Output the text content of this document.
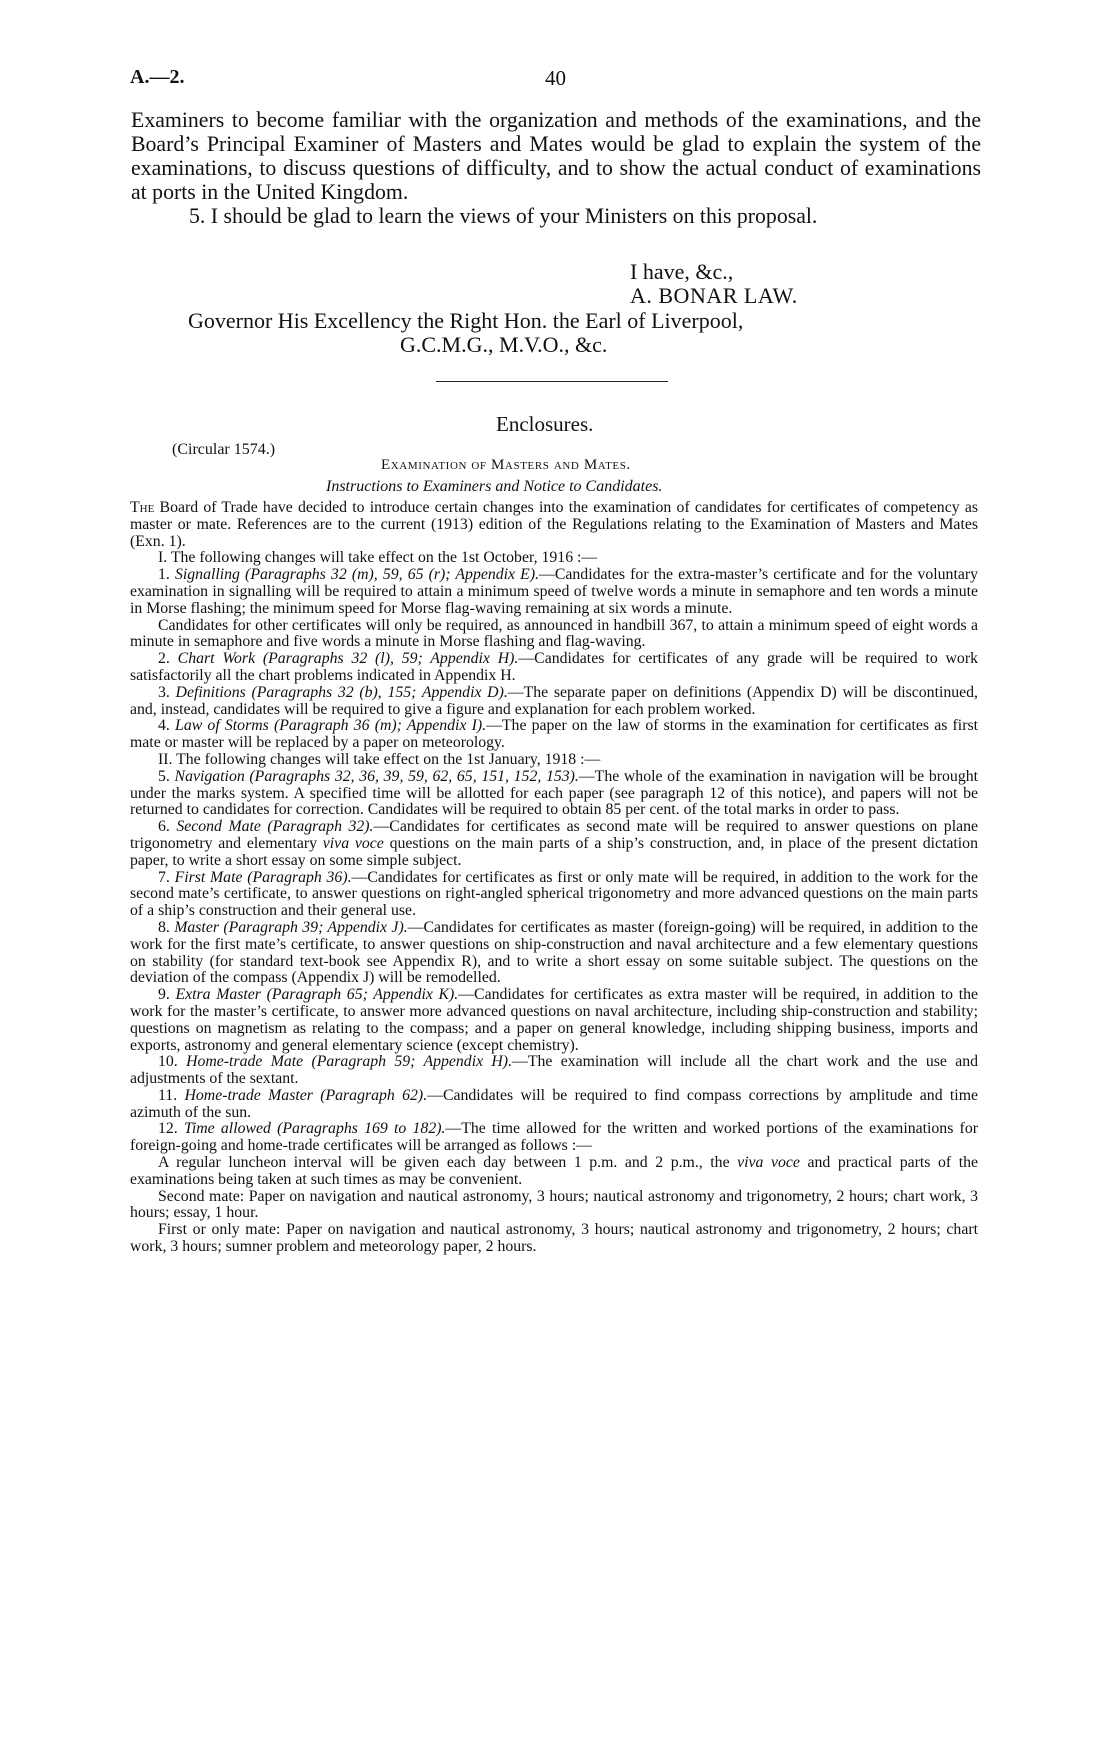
A.—2.	40

Examiners to become familiar with the organization and methods of the examinations, and the Board’s Principal Examiner of Masters and Mates would be glad to explain the system of the examinations, to discuss questions of difficulty, and to show the actual conduct of examinations at ports in the United Kingdom.

5. I should be glad to learn the views of your Ministers on this proposal.

I have, &c.,
A. BONAR LAW.
Governor His Excellency the Right Hon. the Earl of Liverpool,
G.C.M.G., M.V.O., &c.
Enclosures.
(Circular 1574.)
Examination of Masters and Mates.
Instructions to Examiners and Notice to Candidates.

The Board of Trade have decided to introduce certain changes into the examination of candidates for certificates of competency as master or mate. References are to the current (1913) edition of the Regulations relating to the Examination of Masters and Mates (Exn. 1).

I. The following changes will take effect on the 1st October, 1916 :—

1. Signalling (Paragraphs 32 (m), 59, 65 (r); Appendix E).—Candidates for the extra-master’s certificate and for the voluntary examination in signalling will be required to attain a minimum speed of twelve words a minute in semaphore and ten words a minute in Morse flashing; the minimum speed for Morse flag-waving remaining at six words a minute.

Candidates for other certificates will only be required, as announced in handbill 367, to attain a minimum speed of eight words a minute in semaphore and five words a minute in Morse flashing and flag-waving.

2. Chart Work (Paragraphs 32 (l), 59; Appendix H).—Candidates for certificates of any grade will be required to work satisfactorily all the chart problems indicated in Appendix H.

3. Definitions (Paragraphs 32 (b), 155; Appendix D).—The separate paper on definitions (Appendix D) will be discontinued, and, instead, candidates will be required to give a figure and explanation for each problem worked.

4. Law of Storms (Paragraph 36 (m); Appendix I).—The paper on the law of storms in the examination for certificates as first mate or master will be replaced by a paper on meteorology.

II. The following changes will take effect on the 1st January, 1918 :—

5. Navigation (Paragraphs 32, 36, 39, 59, 62, 65, 151, 152, 153).—The whole of the examination in navigation will be brought under the marks system. A specified time will be allotted for each paper (see paragraph 12 of this notice), and papers will not be returned to candidates for correction. Candidates will be required to obtain 85 per cent. of the total marks in order to pass.

6. Second Mate (Paragraph 32).—Candidates for certificates as second mate will be required to answer questions on plane trigonometry and elementary viva voce questions on the main parts of a ship’s construction, and, in place of the present dictation paper, to write a short essay on some simple subject.

7. First Mate (Paragraph 36).—Candidates for certificates as first or only mate will be required, in addition to the work for the second mate’s certificate, to answer questions on right-angled spherical trigonometry and more advanced questions on the main parts of a ship’s construction and their general use.

8. Master (Paragraph 39; Appendix J).—Candidates for certificates as master (foreign-going) will be required, in addition to the work for the first mate’s certificate, to answer questions on ship-construction and naval architecture and a few elementary questions on stability (for standard text-book see Appendix R), and to write a short essay on some suitable subject. The questions on the deviation of the compass (Appendix J) will be remodelled.

9. Extra Master (Paragraph 65; Appendix K).—Candidates for certificates as extra master will be required, in addition to the work for the master’s certificate, to answer more advanced questions on naval architecture, including ship-construction and stability; questions on magnetism as relating to the compass; and a paper on general knowledge, including shipping business, imports and exports, astronomy and general elementary science (except chemistry).

10. Home-trade Mate (Paragraph 59; Appendix H).—The examination will include all the chart work and the use and adjustments of the sextant.

11. Home-trade Master (Paragraph 62).—Candidates will be required to find compass corrections by amplitude and time azimuth of the sun.

12. Time allowed (Paragraphs 169 to 182).—The time allowed for the written and worked portions of the examinations for foreign-going and home-trade certificates will be arranged as follows :—

A regular luncheon interval will be given each day between 1 p.m. and 2 p.m., the viva voce and practical parts of the examinations being taken at such times as may be convenient.

Second mate: Paper on navigation and nautical astronomy, 3 hours; nautical astronomy and trigonometry, 2 hours; chart work, 3 hours; essay, 1 hour.

First or only mate: Paper on navigation and nautical astronomy, 3 hours; nautical astronomy and trigonometry, 2 hours; chart work, 3 hours; sumner problem and meteorology paper, 2 hours.
